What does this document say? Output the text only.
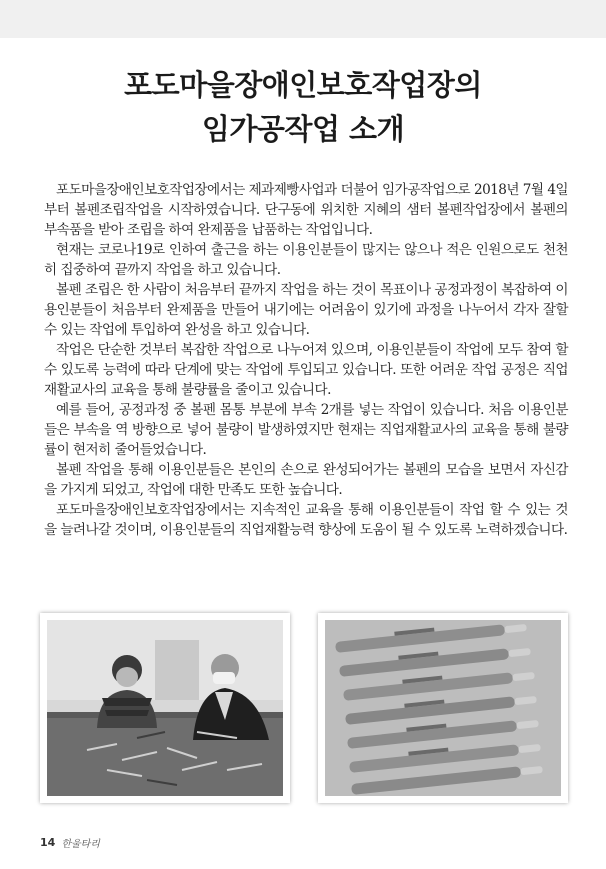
포도마을장애인보호작업장의
임가공작업 소개

포도마을장애인보호작업장에서는 제과제빵사업과 더불어 임가공작업으로 2018년 7월 4일 부터 볼펜조립작업을 시작하였습니다. 단구동에 위치한 지혜의 샘터 볼펜작업장에서 볼펜의 부속품을 받아 조립을 하여 완제품을 납품하는 작업입니다.

현재는 코로나19로 인하여 출근을 하는 이용인분들이 많지는 않으나 적은 인원으로도 천천히 집중하여 끝까지 작업을 하고 있습니다.

볼펜 조립은 한 사람이 처음부터 끝까지 작업을 하는 것이 목표이나 공정과정이 복잡하여 이용인분들이 처음부터 완제품을 만들어 내기에는 어려움이 있기에 과정을 나누어서 각자 잘할 수 있는 작업에 투입하여 완성을 하고 있습니다.

작업은 단순한 것부터 복잡한 작업으로 나누어져 있으며, 이용인분들이 작업에 모두 참여 할 수 있도록 능력에 따라 단계에 맞는 작업에 투입되고 있습니다. 또한 어려운 작업 공정은 직업재활교사의 교육을 통해 불량률을 줄이고 있습니다.

예를 들어, 공정과정 중 볼펜 몸통 부분에 부속 2개를 넣는 작업이 있습니다. 처음 이용인분들은 부속을 역 방향으로 넣어 불량이 발생하였지만 현재는 직업재활교사의 교육을 통해 불량률이 현저히 줄어들었습니다.

볼펜 작업을 통해 이용인분들은 본인의 손으로 완성되어가는 볼펜의 모습을 보면서 자신감을 가지게 되었고, 작업에 대한 만족도 또한 높습니다.

포도마을장애인보호작업장에서는 지속적인 교육을 통해 이용인분들이 작업 할 수 있는 것을 늘려나갈 것이며, 이용인분들의 직업재활능력 향상에 도움이 될 수 있도록 노력하겠습니다.

14 한울타리
